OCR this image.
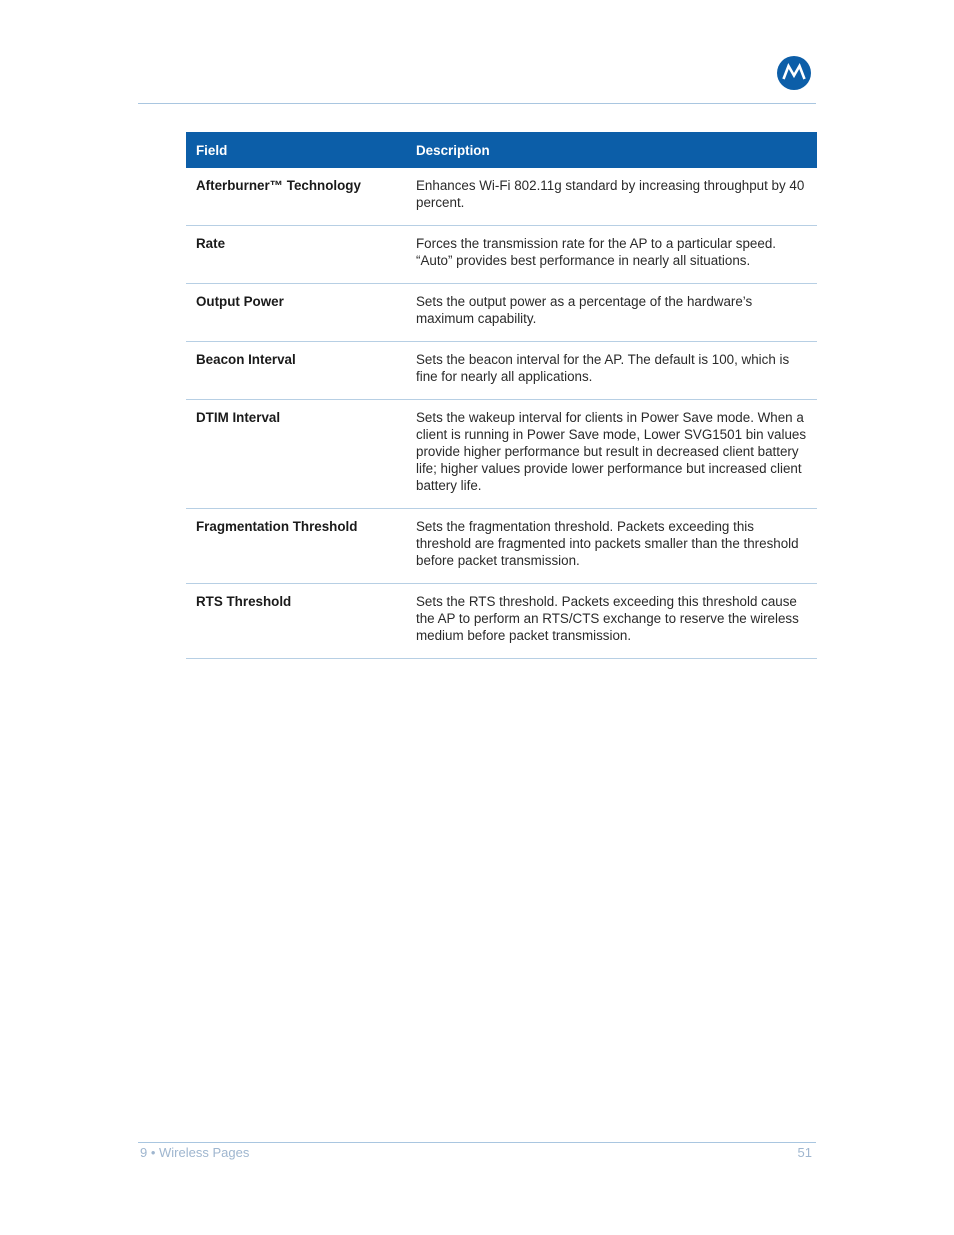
Field	Description
Afterburner™ Technology	Enhances Wi-Fi 802.11g standard by increasing throughput by 40 percent.
Rate	Forces the transmission rate for the AP to a particular speed. “Auto” provides best performance in nearly all situations.
Output Power	Sets the output power as a percentage of the hardware’s maximum capability.
Beacon Interval	Sets the beacon interval for the AP. The default is 100, which is fine for nearly all applications.
DTIM Interval	Sets the wakeup interval for clients in Power Save mode. When a client is running in Power Save mode, Lower SVG1501 bin values provide higher performance but result in decreased client battery life; higher values provide lower performance but increased client battery life.
Fragmentation Threshold	Sets the fragmentation threshold. Packets exceeding this threshold are fragmented into packets smaller than the threshold before packet transmission.
RTS Threshold	Sets the RTS threshold. Packets exceeding this threshold cause the AP to perform an RTS/CTS exchange to reserve the wireless medium before packet transmission.
9 • Wireless Pages	51
